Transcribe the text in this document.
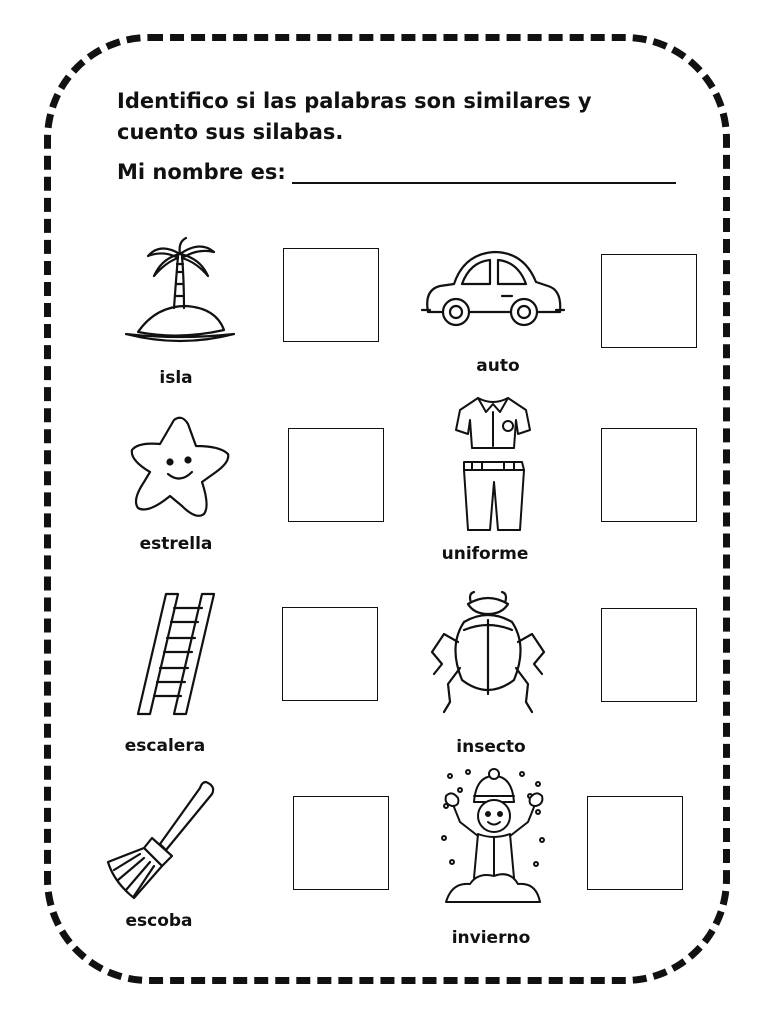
Identifico si las palabras son similares y cuento sus silabas.

Mi nombre es:
isla
auto
estrella	uniforme
escalera	insecto
escoba
invierno
